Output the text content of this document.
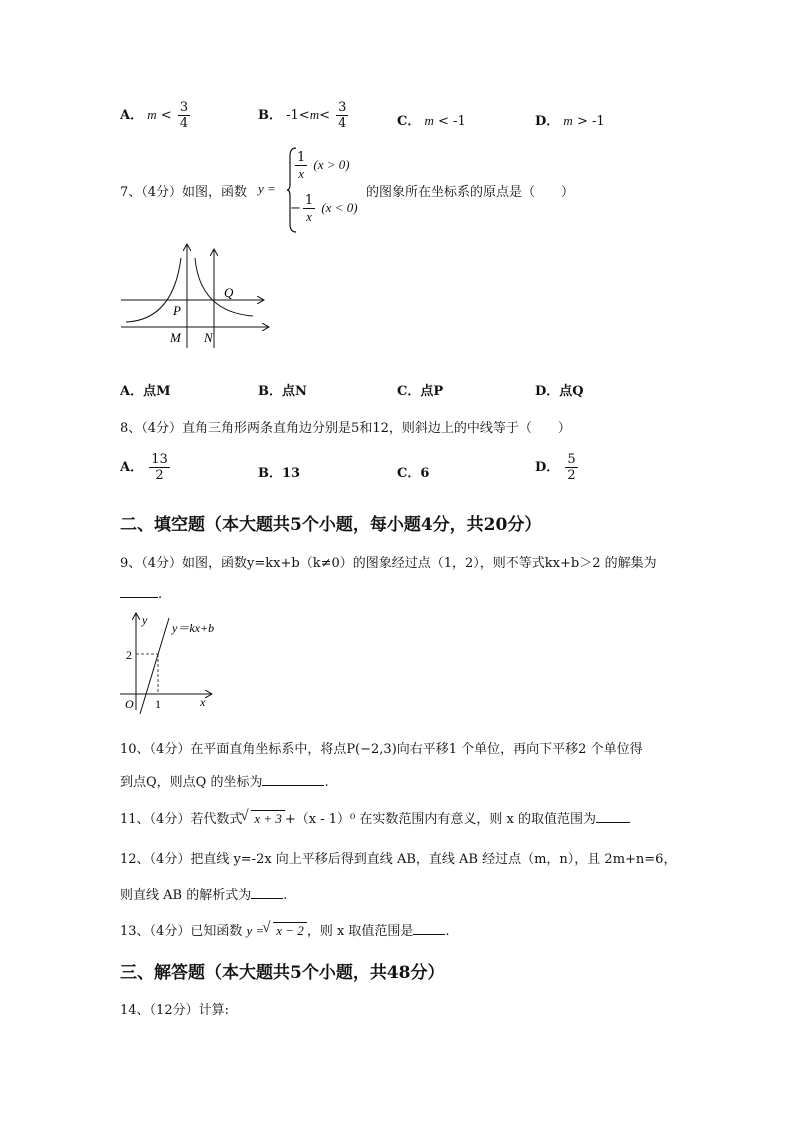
A． $m < \frac{3}{4}$	B． $-1<m< \frac{3}{4}$	C． m < -1	D． m > -1
7、（4分）如图，函数 y =
$\frac{1}{x} (x > 0)$
− $\frac{1}{x} (x < 0)$
的图象所在坐标系的原点是（　　）
Q
P
M N
A．点M	B．点N	C．点P	D．点Q
8、（4分）直角三角形两条直角边分别是5和12，则斜边上的中线等于（　　）
A． $\frac{13}{2}$	B．13	C．6	D． $\frac{5}{2}$
二、填空题（本大题共5个小题，每小题4分，共20分）
9、（4分）如图，函数y=kx+b（k≠0）的图象经过点（1，2），则不等式kx+b＞2 的解集为
.
y
x
O
2
1
y＝kx+b
10、（4分）在平面直角坐标系中，将点P(−2,3)向右平移1 个单位，再向下平移2 个单位得
到点Q，则点Q 的坐标为	.
11、（4分）若代数式 √ x + 3 +（x - 1）⁰ 在实数范围内有意义，则 x 的取值范围为
12、（4分）把直线 y=-2x 向上平移后得到直线 AB，直线 AB 经过点（m，n），且 2m+n=6，
则直线 AB 的解析式为 .
13、（4分）已知函数 y = √ x − 2 ，则 x 取值范围是 .
三、解答题（本大题共5个小题，共48分）
14、（12分）计算:
